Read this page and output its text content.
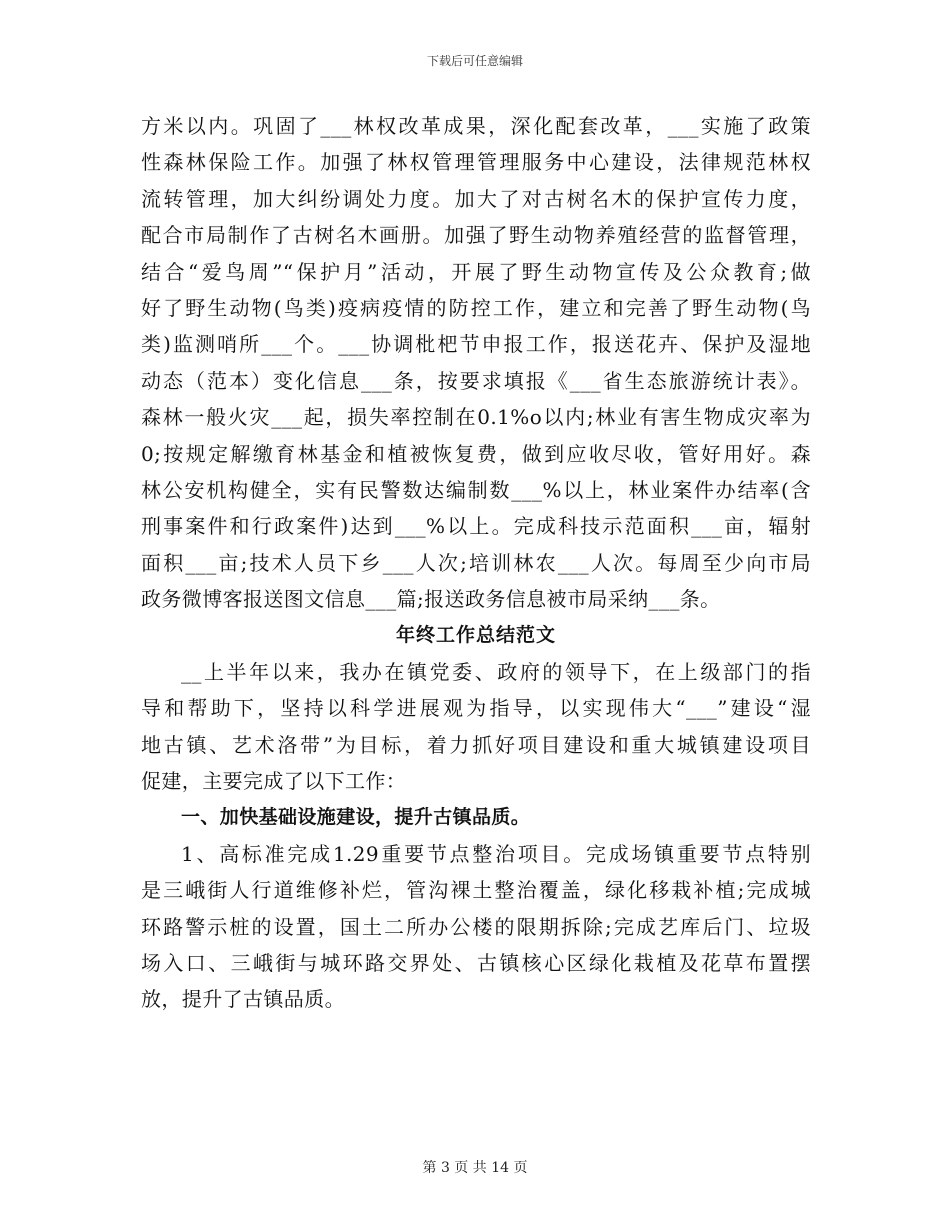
下载后可任意编辑
方米以内。巩固了___林权改革成果，深化配套改革，___实施了政策
性森林保险工作。加强了林权管理管理服务中心建设，法律规范林权
流转管理，加大纠纷调处力度。加大了对古树名木的保护宣传力度，
配合市局制作了古树名木画册。加强了野生动物养殖经营的监督管理，
结合“爱鸟周”“保护月”活动，开展了野生动物宣传及公众教育;做
好了野生动物(鸟类)疫病疫情的防控工作，建立和完善了野生动物(鸟
类)监测哨所___个。___协调枇杷节申报工作，报送花卉、保护及湿地
动态（范本）变化信息___条，按要求填报《___省生态旅游统计表》。
森林一般火灾___起，损失率控制在0.1%o以内;林业有害生物成灾率为
0;按规定解缴育林基金和植被恢复费，做到应收尽收，管好用好。森
林公安机构健全，实有民警数达编制数___%以上，林业案件办结率(含
刑事案件和行政案件)达到___%以上。完成科技示范面积___亩，辐射
面积___亩;技术人员下乡___人次;培训林农___人次。每周至少向市局
政务微博客报送图文信息___篇;报送政务信息被市局采纳___条。
年终工作总结范文
__上半年以来，我办在镇党委、政府的领导下，在上级部门的指
导和帮助下，坚持以科学进展观为指导，以实现伟大“___”建设“湿
地古镇、艺术洛带”为目标，着力抓好项目建设和重大城镇建设项目
促建，主要完成了以下工作：
一、加快基础设施建设，提升古镇品质。
1、高标准完成1.29重要节点整治项目。完成场镇重要节点特别
是三峨街人行道维修补烂，管沟裸土整治覆盖，绿化移栽补植;完成城
环路警示桩的设置，国土二所办公楼的限期拆除;完成艺库后门、垃圾
场入口、三峨街与城环路交界处、古镇核心区绿化栽植及花草布置摆
放，提升了古镇品质。
第 3 页 共 14 页
